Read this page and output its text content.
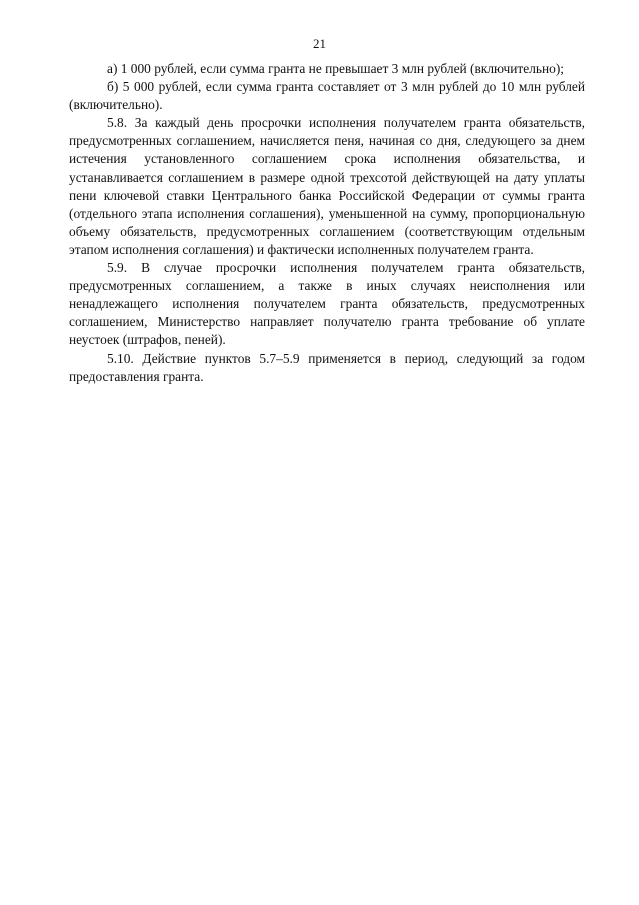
21

а) 1 000 рублей, если сумма гранта не превышает 3 млн рублей (включительно);

б) 5 000 рублей, если сумма гранта составляет от 3 млн рублей до 10 млн рублей (включительно).

5.8. За каждый день просрочки исполнения получателем гранта обязательств, предусмотренных соглашением, начисляется пеня, начиная со дня, следующего за днем истечения установленного соглашением срока исполнения обязательства, и устанавливается соглашением в размере одной трехсотой действующей на дату уплаты пени ключевой ставки Центрального банка Российской Федерации от суммы гранта (отдельного этапа исполнения соглашения), уменьшенной на сумму, пропорциональную объему обязательств, предусмотренных соглашением (соответствующим отдельным этапом исполнения соглашения) и фактически исполненных получателем гранта.

5.9. В случае просрочки исполнения получателем гранта обязательств, предусмотренных соглашением, а также в иных случаях неисполнения или ненадлежащего исполнения получателем гранта обязательств, предусмотренных соглашением, Министерство направляет получателю гранта требование об уплате неустоек (штрафов, пеней).

5.10. Действие пунктов 5.7–5.9 применяется в период, следующий за годом предоставления гранта.
